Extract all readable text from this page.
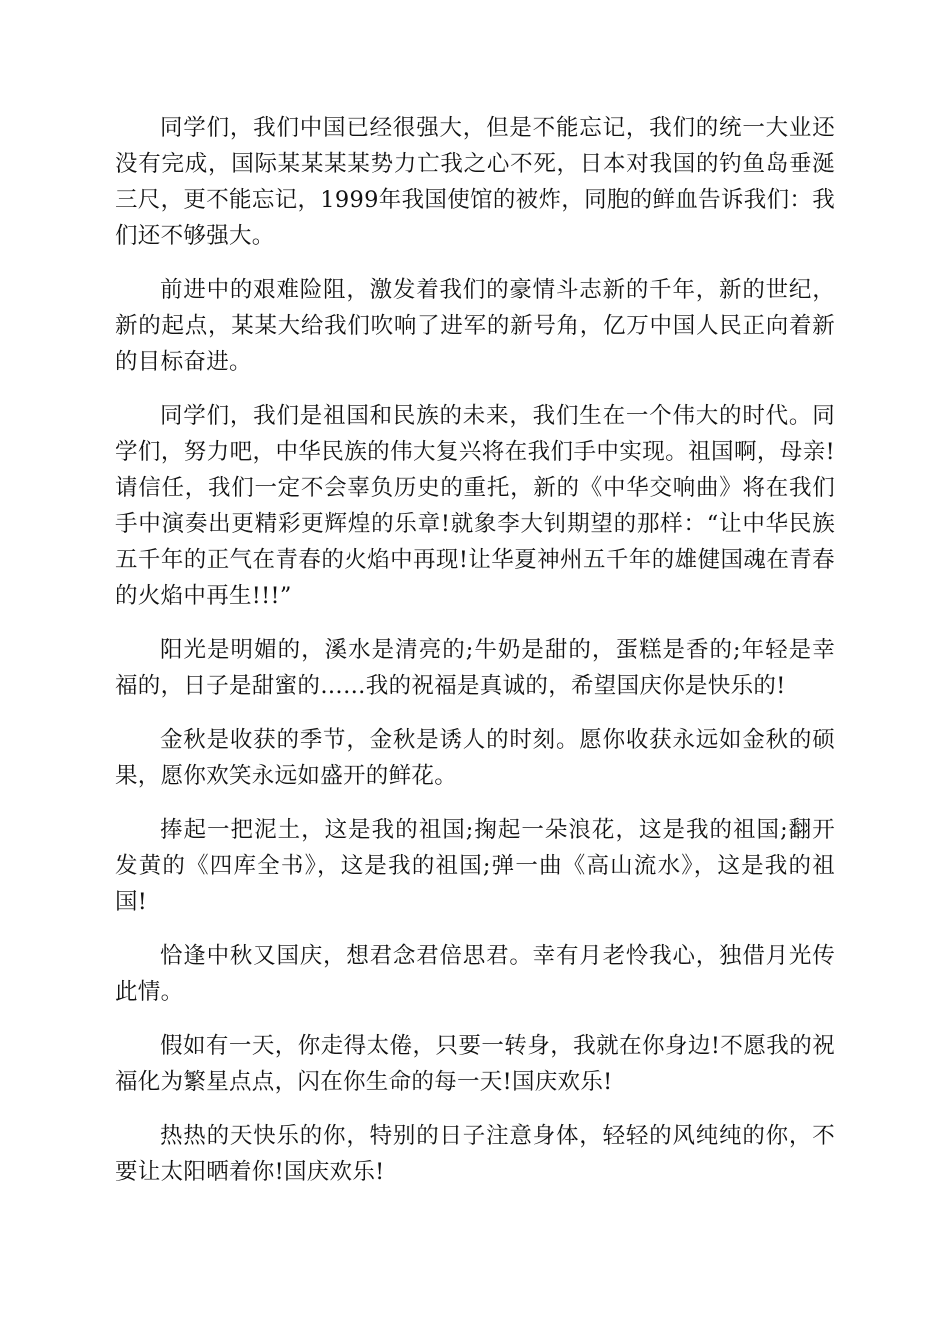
同学们，我们中国已经很强大，但是不能忘记，我们的统一大业还没有完成，国际某某某某势力亡我之心不死，日本对我国的钓鱼岛垂涎三尺，更不能忘记，1999年我国使馆的被炸，同胞的鲜血告诉我们：我们还不够强大。

前进中的艰难险阻，激发着我们的豪情斗志新的千年，新的世纪，新的起点，某某大给我们吹响了进军的新号角，亿万中国人民正向着新的目标奋进。

同学们，我们是祖国和民族的未来，我们生在一个伟大的时代。同学们，努力吧，中华民族的伟大复兴将在我们手中实现。祖国啊，母亲!请信任，我们一定不会辜负历史的重托，新的《中华交响曲》将在我们手中演奏出更精彩更辉煌的乐章!就象李大钊期望的那样：“让中华民族五千年的正气在青春的火焰中再现!让华夏神州五千年的雄健国魂在青春的火焰中再生!!!”

阳光是明媚的，溪水是清亮的;牛奶是甜的，蛋糕是香的;年轻是幸福的，日子是甜蜜的……我的祝福是真诚的，希望国庆你是快乐的!

金秋是收获的季节，金秋是诱人的时刻。愿你收获永远如金秋的硕果，愿你欢笑永远如盛开的鲜花。

捧起一把泥土，这是我的祖国;掬起一朵浪花，这是我的祖国;翻开发黄的《四库全书》，这是我的祖国;弹一曲《高山流水》，这是我的祖国!

恰逢中秋又国庆，想君念君倍思君。幸有月老怜我心，独借月光传此情。

假如有一天，你走得太倦，只要一转身，我就在你身边!不愿我的祝福化为繁星点点，闪在你生命的每一天!国庆欢乐!

热热的天快乐的你，特别的日子注意身体，轻轻的风纯纯的你，不要让太阳晒着你!国庆欢乐!
